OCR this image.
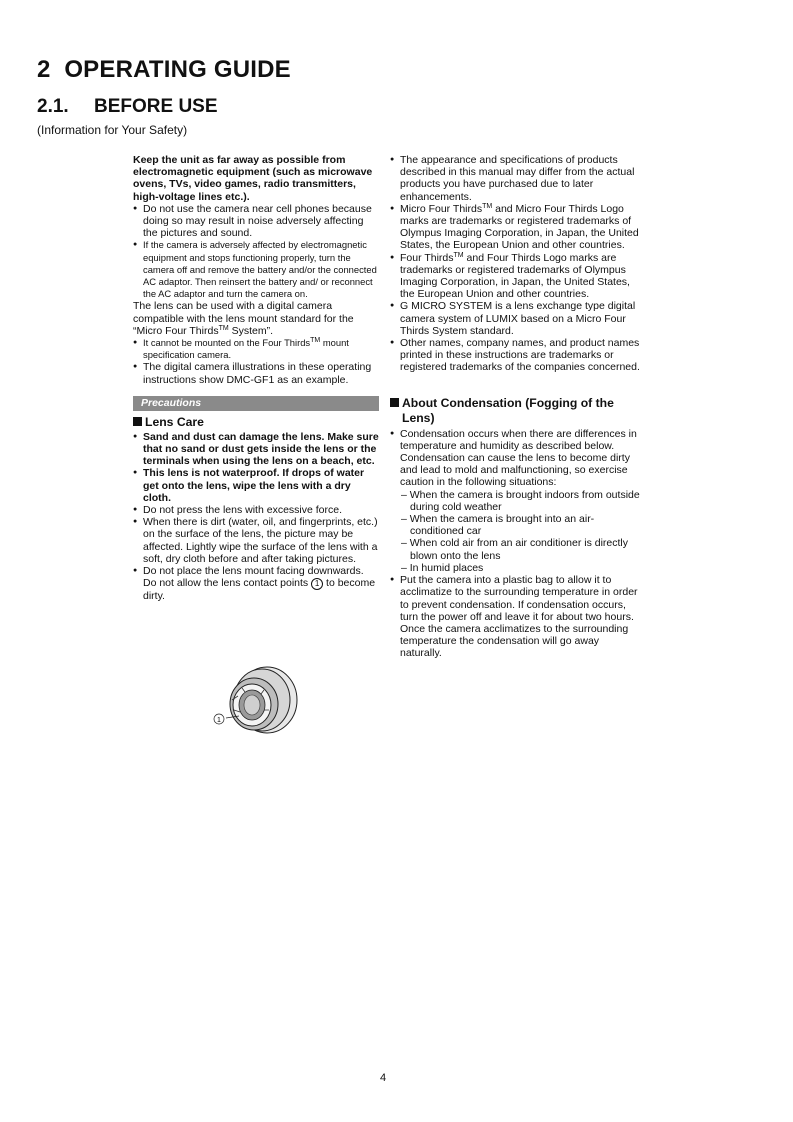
2 OPERATING GUIDE
2.1. BEFORE USE

(Information for Your Safety)

Keep the unit as far away as possible from electromagnetic equipment (such as microwave ovens, TVs, video games, radio transmitters, high-voltage lines etc.).

● Do not use the camera near cell phones because doing so may result in noise adversely affecting the pictures and sound.

● If the camera is adversely affected by electromagnetic equipment and stops functioning properly, turn the camera off and remove the battery and/or the connected AC adaptor. Then reinsert the battery and/ or reconnect the AC adaptor and turn the camera on.

The lens can be used with a digital camera compatible with the lens mount standard for the “Micro Four Thirds™ System”.

● It cannot be mounted on the Four Thirds™ mount specification camera.

● The digital camera illustrations in these operating instructions show DMC-GF1 as an example.

Precautions

Lens Care

● Sand and dust can damage the lens. Make sure that no sand or dust gets inside the lens or the terminals when using the lens on a beach, etc.

● This lens is not waterproof. If drops of water get onto the lens, wipe the lens with a dry cloth.

● Do not press the lens with excessive force.

● When there is dirt (water, oil, and fingerprints, etc.) on the surface of the lens, the picture may be affected. Lightly wipe the surface of the lens with a soft, dry cloth before and after taking pictures.

● Do not place the lens mount facing downwards. Do not allow the lens contact points 1 to become dirty.

1

● The appearance and specifications of products described in this manual may differ from the actual products you have purchased due to later enhancements.

● Micro Four Thirds™ and Micro Four Thirds Logo marks are trademarks or registered trademarks of Olympus Imaging Corporation, in Japan, the United States, the European Union and other countries.

● Four Thirds™ and Four Thirds Logo marks are trademarks or registered trademarks of Olympus Imaging Corporation, in Japan, the United States, the European Union and other countries.

● G MICRO SYSTEM is a lens exchange type digital camera system of LUMIX based on a Micro Four Thirds System standard.

● Other names, company names, and product names printed in these instructions are trademarks or registered trademarks of the companies concerned.

About Condensation (Fogging of the Lens)

● Condensation occurs when there are differences in temperature and humidity as described below. Condensation can cause the lens to become dirty and lead to mold and malfunctioning, so exercise caution in the following situations:

– When the camera is brought indoors from outside during cold weather

– When the camera is brought into an air-conditioned car

– When cold air from an air conditioner is directly blown onto the lens

– In humid places

● Put the camera into a plastic bag to allow it to acclimatize to the surrounding temperature in order to prevent condensation. If condensation occurs, turn the power off and leave it for about two hours. Once the camera acclimatizes to the surrounding temperature the condensation will go away naturally.

4
